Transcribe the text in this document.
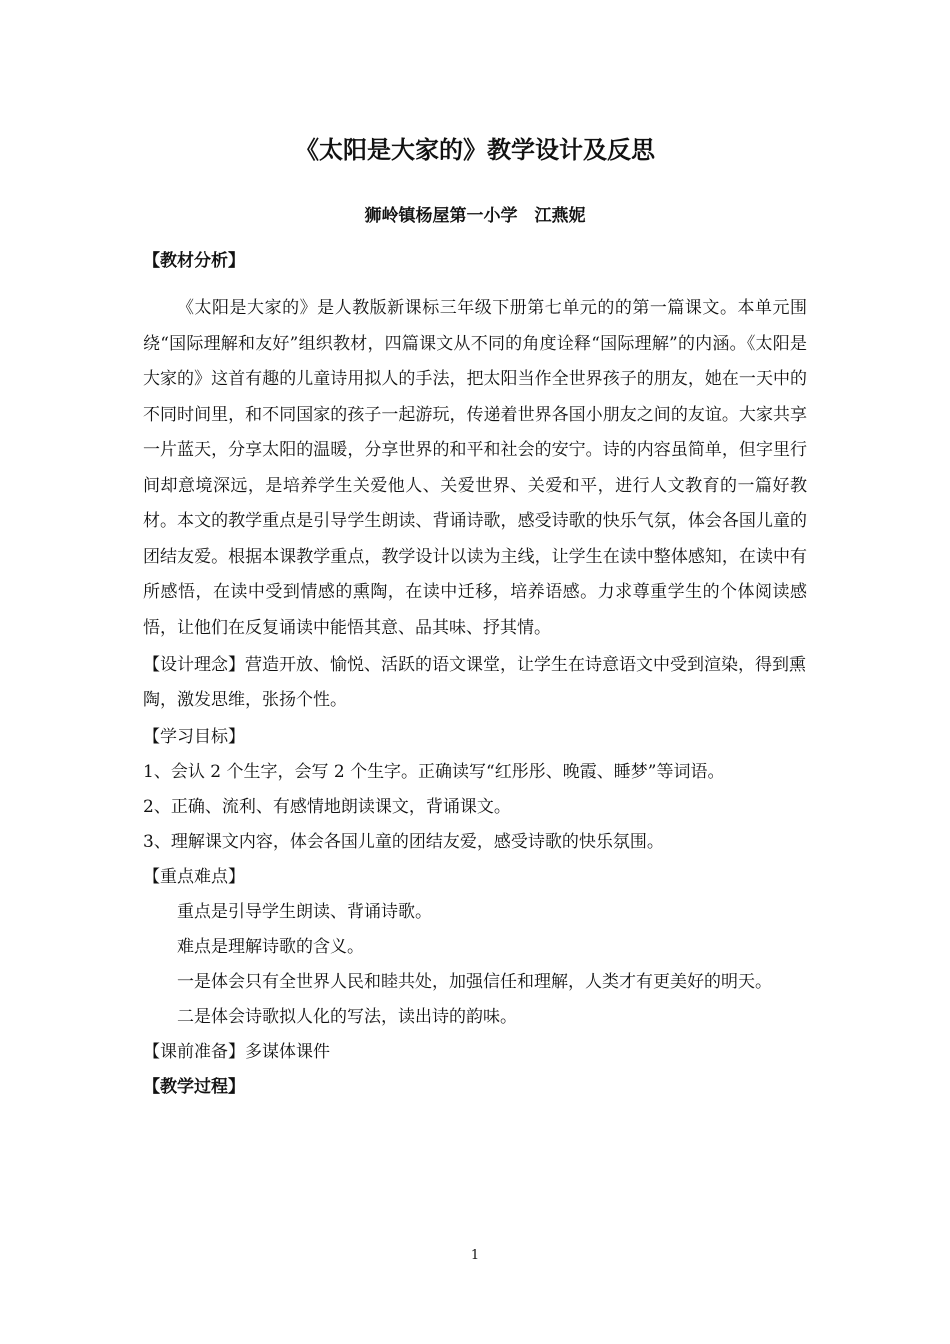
《太阳是大家的》教学设计及反思
狮岭镇杨屋第一小学　江燕妮

【教材分析】

《太阳是大家的》是人教版新课标三年级下册第七单元的的第一篇课文。本单元围绕“国际理解和友好”组织教材，四篇课文从不同的角度诠释“国际理解”的内涵。《太阳是大家的》这首有趣的儿童诗用拟人的手法，把太阳当作全世界孩子的朋友，她在一天中的不同时间里，和不同国家的孩子一起游玩，传递着世界各国小朋友之间的友谊。大家共享一片蓝天，分享太阳的温暖，分享世界的和平和社会的安宁。诗的内容虽简单，但字里行间却意境深远，是培养学生关爱他人、关爱世界、关爱和平，进行人文教育的一篇好教材。本文的教学重点是引导学生朗读、背诵诗歌，感受诗歌的快乐气氛，体会各国儿童的团结友爱。根据本课教学重点，教学设计以读为主线，让学生在读中整体感知，在读中有所感悟，在读中受到情感的熏陶，在读中迁移，培养语感。力求尊重学生的个体阅读感悟，让他们在反复诵读中能悟其意、品其味、抒其情。

【设计理念】营造开放、愉悦、活跃的语文课堂，让学生在诗意语文中受到渲染，得到熏陶，激发思维，张扬个性。

【学习目标】

1、会认 2 个生字，会写 2 个生字。正确读写“红彤彤、晚霞、睡梦”等词语。

2、正确、流利、有感情地朗读课文，背诵课文。

3、理解课文内容，体会各国儿童的团结友爱，感受诗歌的快乐氛围。

【重点难点】

重点是引导学生朗读、背诵诗歌。

难点是理解诗歌的含义。

一是体会只有全世界人民和睦共处，加强信任和理解，人类才有更美好的明天。

二是体会诗歌拟人化的写法，读出诗的韵味。

【课前准备】多谋体课件

【教学过程】

1
